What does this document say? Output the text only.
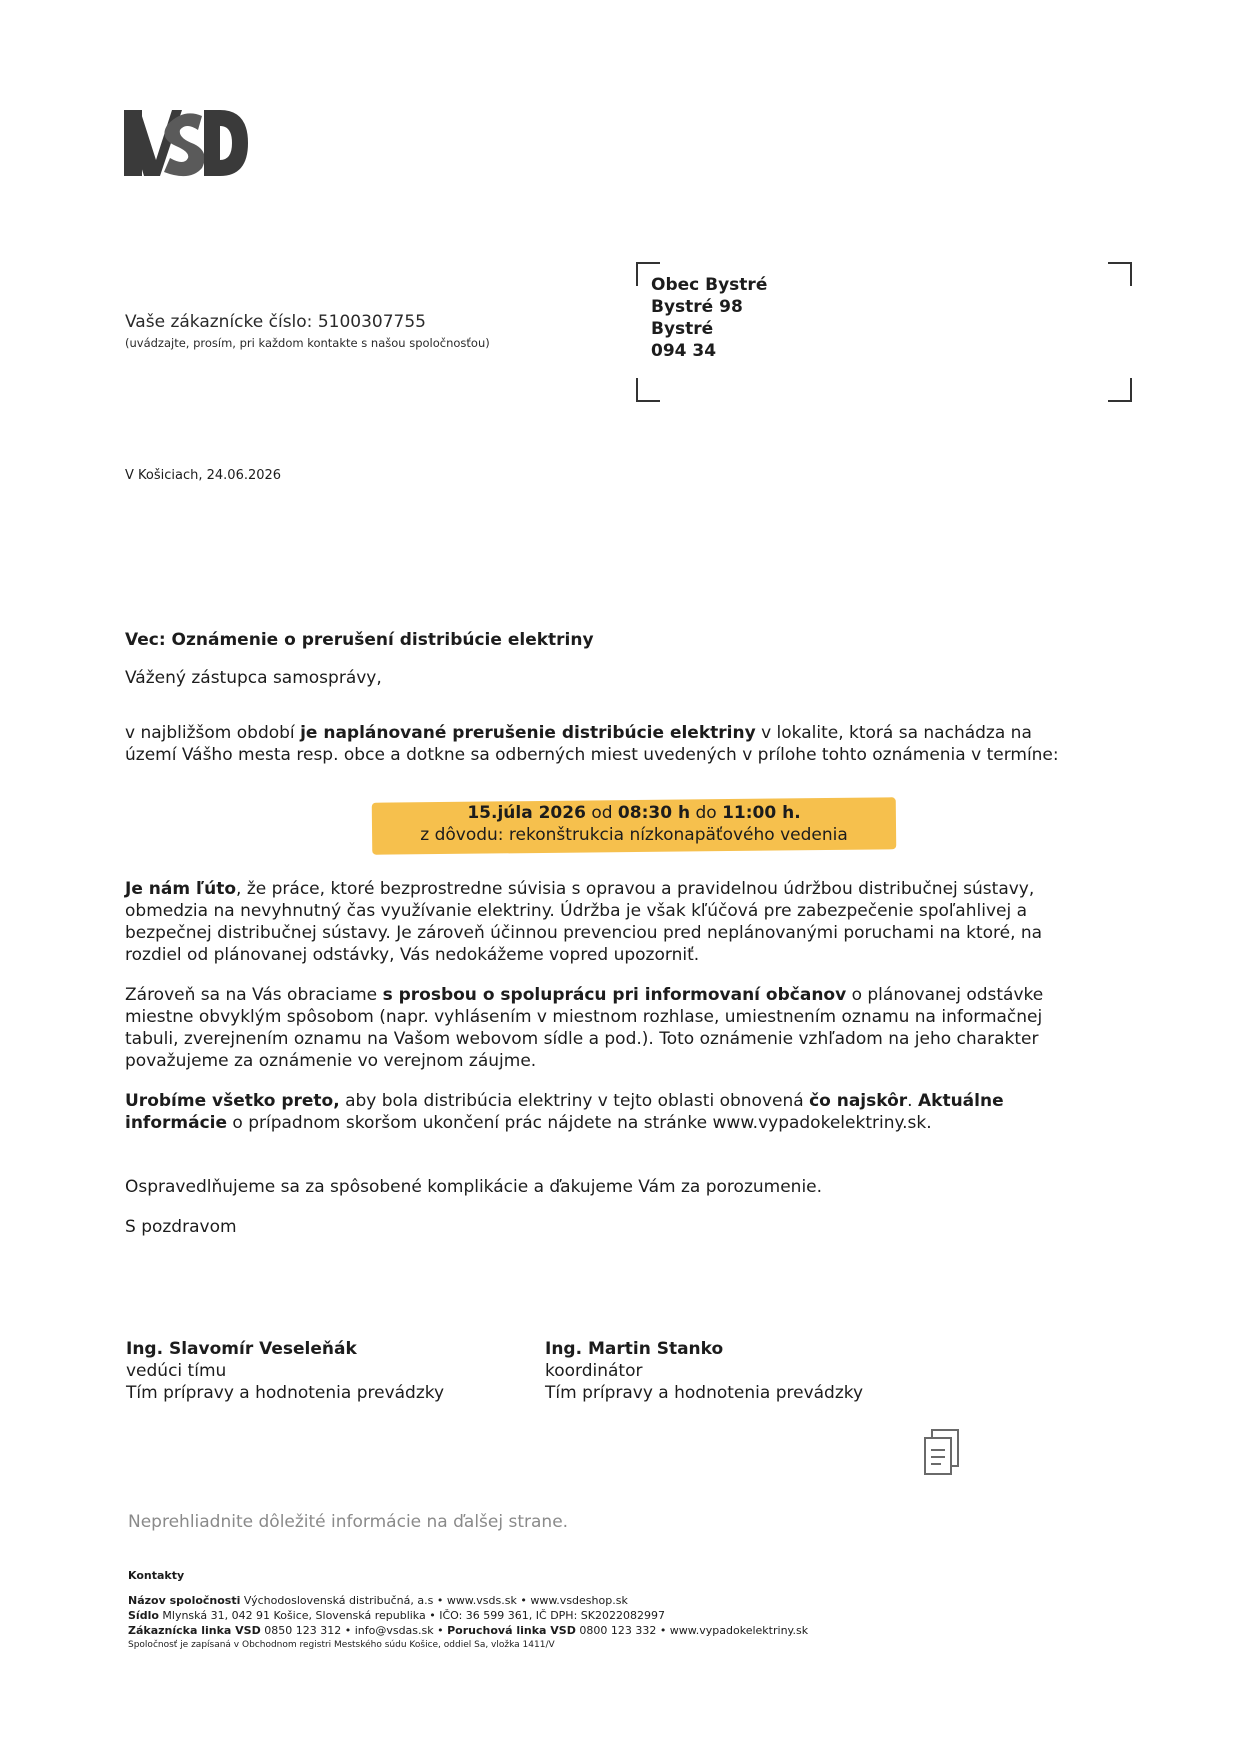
Vaše zákaznícke číslo: 5100307755
(uvádzajte, prosím, pri každom kontakte s našou spoločnosťou)
Obec Bystré
Bystré 98
Bystré
094 34
V Košiciach, 24.06.2026
Vec: Oznámenie o prerušení distribúcie elektriny
Vážený zástupca samosprávy,

v najbližšom období je naplánované prerušenie distribúcie elektriny v lokalite, ktorá sa nachádza na území Vášho mesta resp. obce a dotkne sa odberných miest uvedených v prílohe tohto oznámenia v termíne:

15.júla 2026 od 08:30 h do 11:00 h.
z dôvodu: rekonštrukcia nízkonapäťového vedenia

Je nám ľúto, že práce, ktoré bezprostredne súvisia s opravou a pravidelnou údržbou distribučnej sústavy, obmedzia na nevyhnutný čas využívanie elektriny. Údržba je však kľúčová pre zabezpečenie spoľahlivej a bezpečnej distribučnej sústavy. Je zároveň účinnou prevenciou pred neplánovanými poruchami na ktoré, na rozdiel od plánovanej odstávky, Vás nedokážeme vopred upozorniť.

Zároveň sa na Vás obraciame s prosbou o spoluprácu pri informovaní občanov o plánovanej odstávke miestne obvyklým spôsobom (napr. vyhlásením v miestnom rozhlase, umiestnením oznamu na informačnej tabuli, zverejnením oznamu na Vašom webovom sídle a pod.). Toto oznámenie vzhľadom na jeho charakter považujeme za oznámenie vo verejnom záujme.

Urobíme všetko preto, aby bola distribúcia elektriny v tejto oblasti obnovená čo najskôr. Aktuálne informácie o prípadnom skoršom ukončení prác nájdete na stránke www.vypadokelektriny.sk.

Ospravedlňujeme sa za spôsobené komplikácie a ďakujeme Vám za porozumenie.

S pozdravom

Ing. Slavomír Veseleňák
vedúci tímu
Tím prípravy a hodnotenia prevádzky
Ing. Martin Stanko
koordinátor
Tím prípravy a hodnotenia prevádzky
Neprehliadnite dôležité informácie na ďalšej strane.
Kontakty
Názov spoločnosti Východoslovenská distribučná, a.s • www.vsds.sk • www.vsdeshop.sk
Sídlo Mlynská 31, 042 91 Košice, Slovenská republika • IČO: 36 599 361, IČ DPH: SK2022082997
Zákaznícka linka VSD 0850 123 312 • info@vsdas.sk • Poruchová linka VSD 0800 123 332 • www.vypadokelektriny.sk
Spoločnosť je zapísaná v Obchodnom registri Mestského súdu Košice, oddiel Sa, vložka 1411/V
